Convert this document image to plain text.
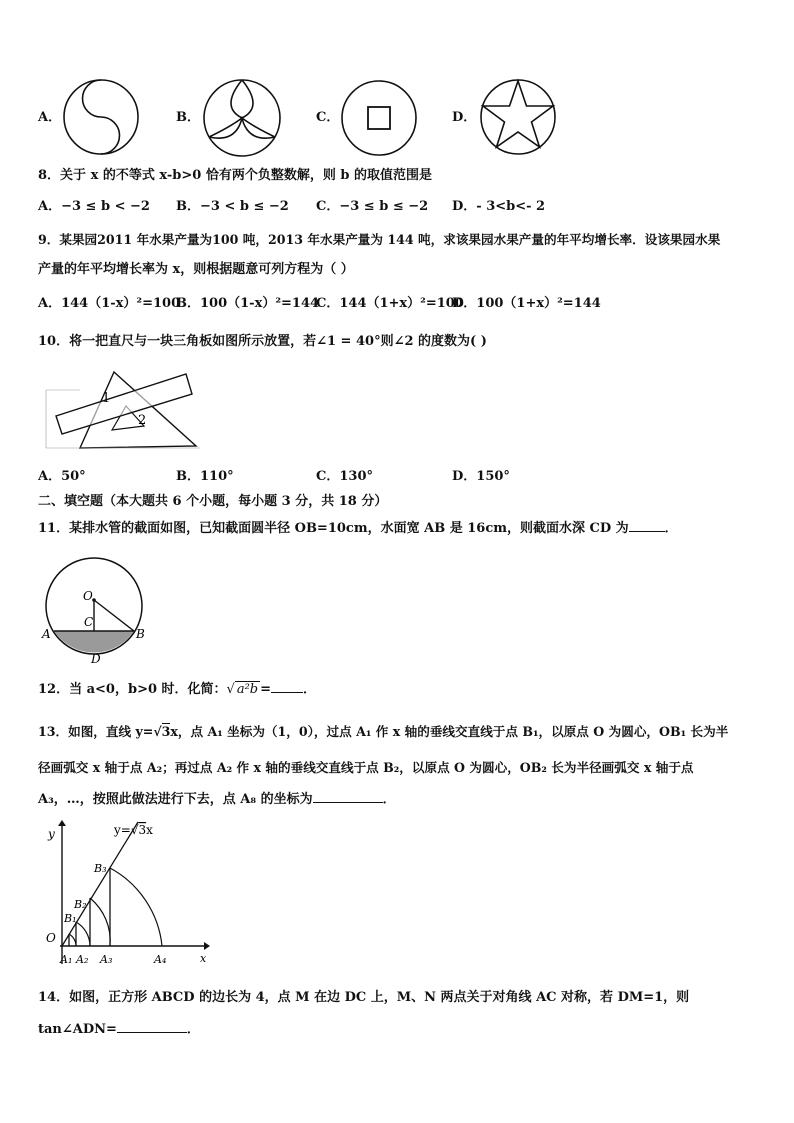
A．	B．	C．	D．
8．关于 x 的不等式 x-b>0 恰有两个负整数解，则 b 的取值范围是
A．−3 ≤ b < −2 B．−3 < b ≤ −2 C．−3 ≤ b ≤ −2 D．- 3<b<- 2
9．某果园2011 年水果产量为100 吨，2013 年水果产量为 144 吨，求该果园水果产量的年平均增长率．设该果园水果
产量的年平均增长率为 x，则根据题意可列方程为（ ）
A．144（1-x）²=100
B．100（1-x）²=144
C．144（1+x）²=100
D．100（1+x）²=144
10．将一把直尺与一块三角板如图所示放置，若∠1 = 40°则∠2 的度数为( )
1
2
A．50°	B．110°	C．130°	D．150°
二、填空题（本大题共 6 个小题，每小题 3 分，共 18 分）
11．某排水管的截面如图，已知截面圆半径 OB=10cm，水面宽 AB 是 16cm，则截面水深 CD 为	．
O
C
A	B
D
12．当 a<0，b>0 时．化简：√ a²b = ．
13．如图，直线 y=√3x，点 A₁ 坐标为（1，0），过点 A₁ 作 x 轴的垂线交直线于点 B₁，以原点 O 为圆心，OB₁ 长为半
径画弧交 x 轴于点 A₂；再过点 A₂ 作 x 轴的垂线交直线于点 B₂，以原点 O 为圆心，OB₂ 长为半径画弧交 x 轴于点
A₃，…，按照此做法进行下去，点 A₈ 的坐标为	．
y
x
O
y=√3x
A₁ A₂ A₃	A₄
B₁
B₂
B₃
14．如图，正方形 ABCD 的边长为 4，点 M 在边 DC 上，M、N 两点关于对角线 AC 对称，若 DM=1，则
tan∠ADN=	．
